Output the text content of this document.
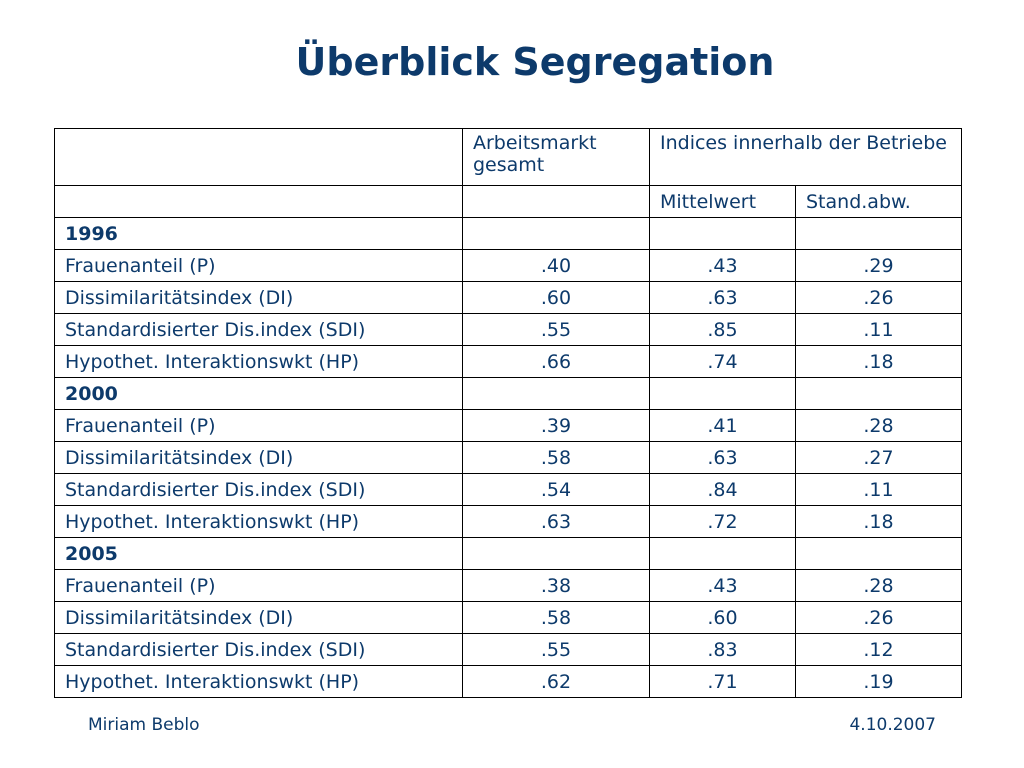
Überblick Segregation
	Arbeitsmarkt gesamt	Indices innerhalb der Betriebe	
		Mittelwert	Stand.abw.
1996			
Frauenanteil (P)	.40	.43	.29
Dissimilaritätsindex (DI)	.60	.63	.26
Standardisierter Dis.index (SDI)	.55	.85	.11
Hypothet. Interaktionswkt (HP)	.66	.74	.18
2000			
Frauenanteil (P)	.39	.41	.28
Dissimilaritätsindex (DI)	.58	.63	.27
Standardisierter Dis.index (SDI)	.54	.84	.11
Hypothet. Interaktionswkt (HP)	.63	.72	.18
2005			
Frauenanteil (P)	.38	.43	.28
Dissimilaritätsindex (DI)	.58	.60	.26
Standardisierter Dis.index (SDI)	.55	.83	.12
Hypothet. Interaktionswkt (HP)	.62	.71	.19
Miriam Beblo	4.10.2007
